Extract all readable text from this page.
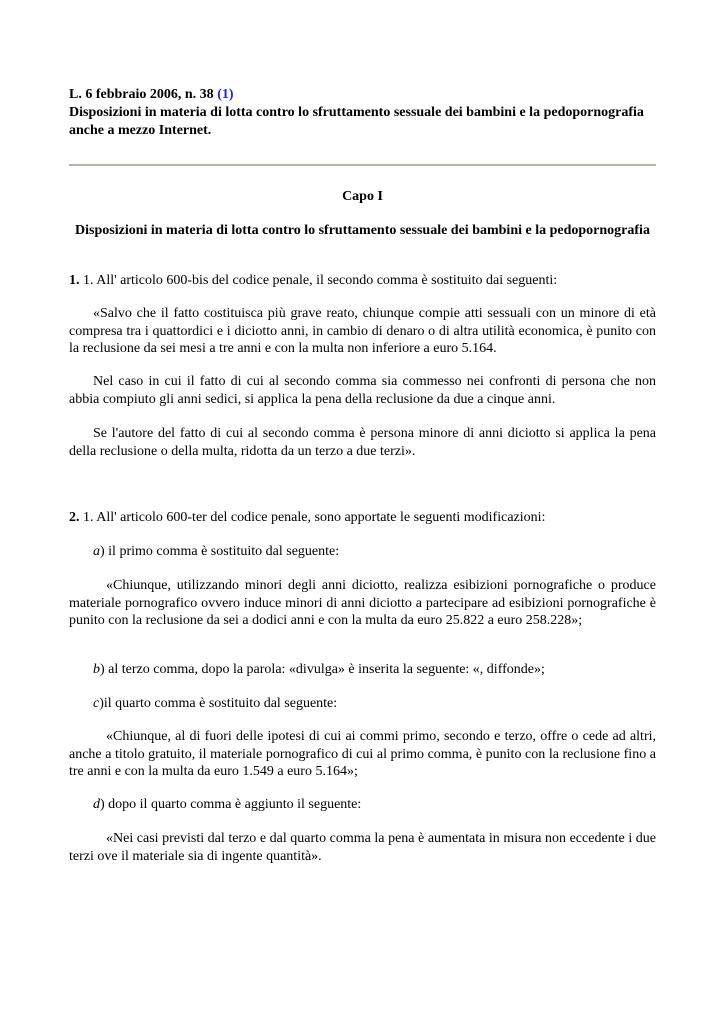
L. 6 febbraio 2006, n. 38 (1)
Disposizioni in materia di lotta contro lo sfruttamento sessuale dei bambini e la pedopornografia anche a mezzo Internet.
Capo I
Disposizioni in materia di lotta contro lo sfruttamento sessuale dei bambini e la pedopornografia
1. 1. All' articolo 600-bis del codice penale, il secondo comma è sostituito dai seguenti:
«Salvo che il fatto costituisca più grave reato, chiunque compie atti sessuali con un minore di età compresa tra i quattordici e i diciotto anni, in cambio di denaro o di altra utilità economica, è punito con la reclusione da sei mesi a tre anni e con la multa non inferiore a euro 5.164.
Nel caso in cui il fatto di cui al secondo comma sia commesso nei confronti di persona che non abbia compiuto gli anni sedici, si applica la pena della reclusione da due a cinque anni.
Se l'autore del fatto di cui al secondo comma è persona minore di anni diciotto si applica la pena della reclusione o della multa, ridotta da un terzo a due terzi».
2. 1. All' articolo 600-ter del codice penale, sono apportate le seguenti modificazioni:
a) il primo comma è sostituito dal seguente:
«Chiunque, utilizzando minori degli anni diciotto, realizza esibizioni pornografiche o produce materiale pornografico ovvero induce minori di anni diciotto a partecipare ad esibizioni pornografiche è punito con la reclusione da sei a dodici anni e con la multa da euro 25.822 a euro 258.228»;
b) al terzo comma, dopo la parola: «divulga» è inserita la seguente: «, diffonde»;
c)il quarto comma è sostituito dal seguente:
«Chiunque, al di fuori delle ipotesi di cui ai commi primo, secondo e terzo, offre o cede ad altri, anche a titolo gratuito, il materiale pornografico di cui al primo comma, è punito con la reclusione fino a tre anni e con la multa da euro 1.549 a euro 5.164»;
d) dopo il quarto comma è aggiunto il seguente:
«Nei casi previsti dal terzo e dal quarto comma la pena è aumentata in misura non eccedente i due terzi ove il materiale sia di ingente quantità».
